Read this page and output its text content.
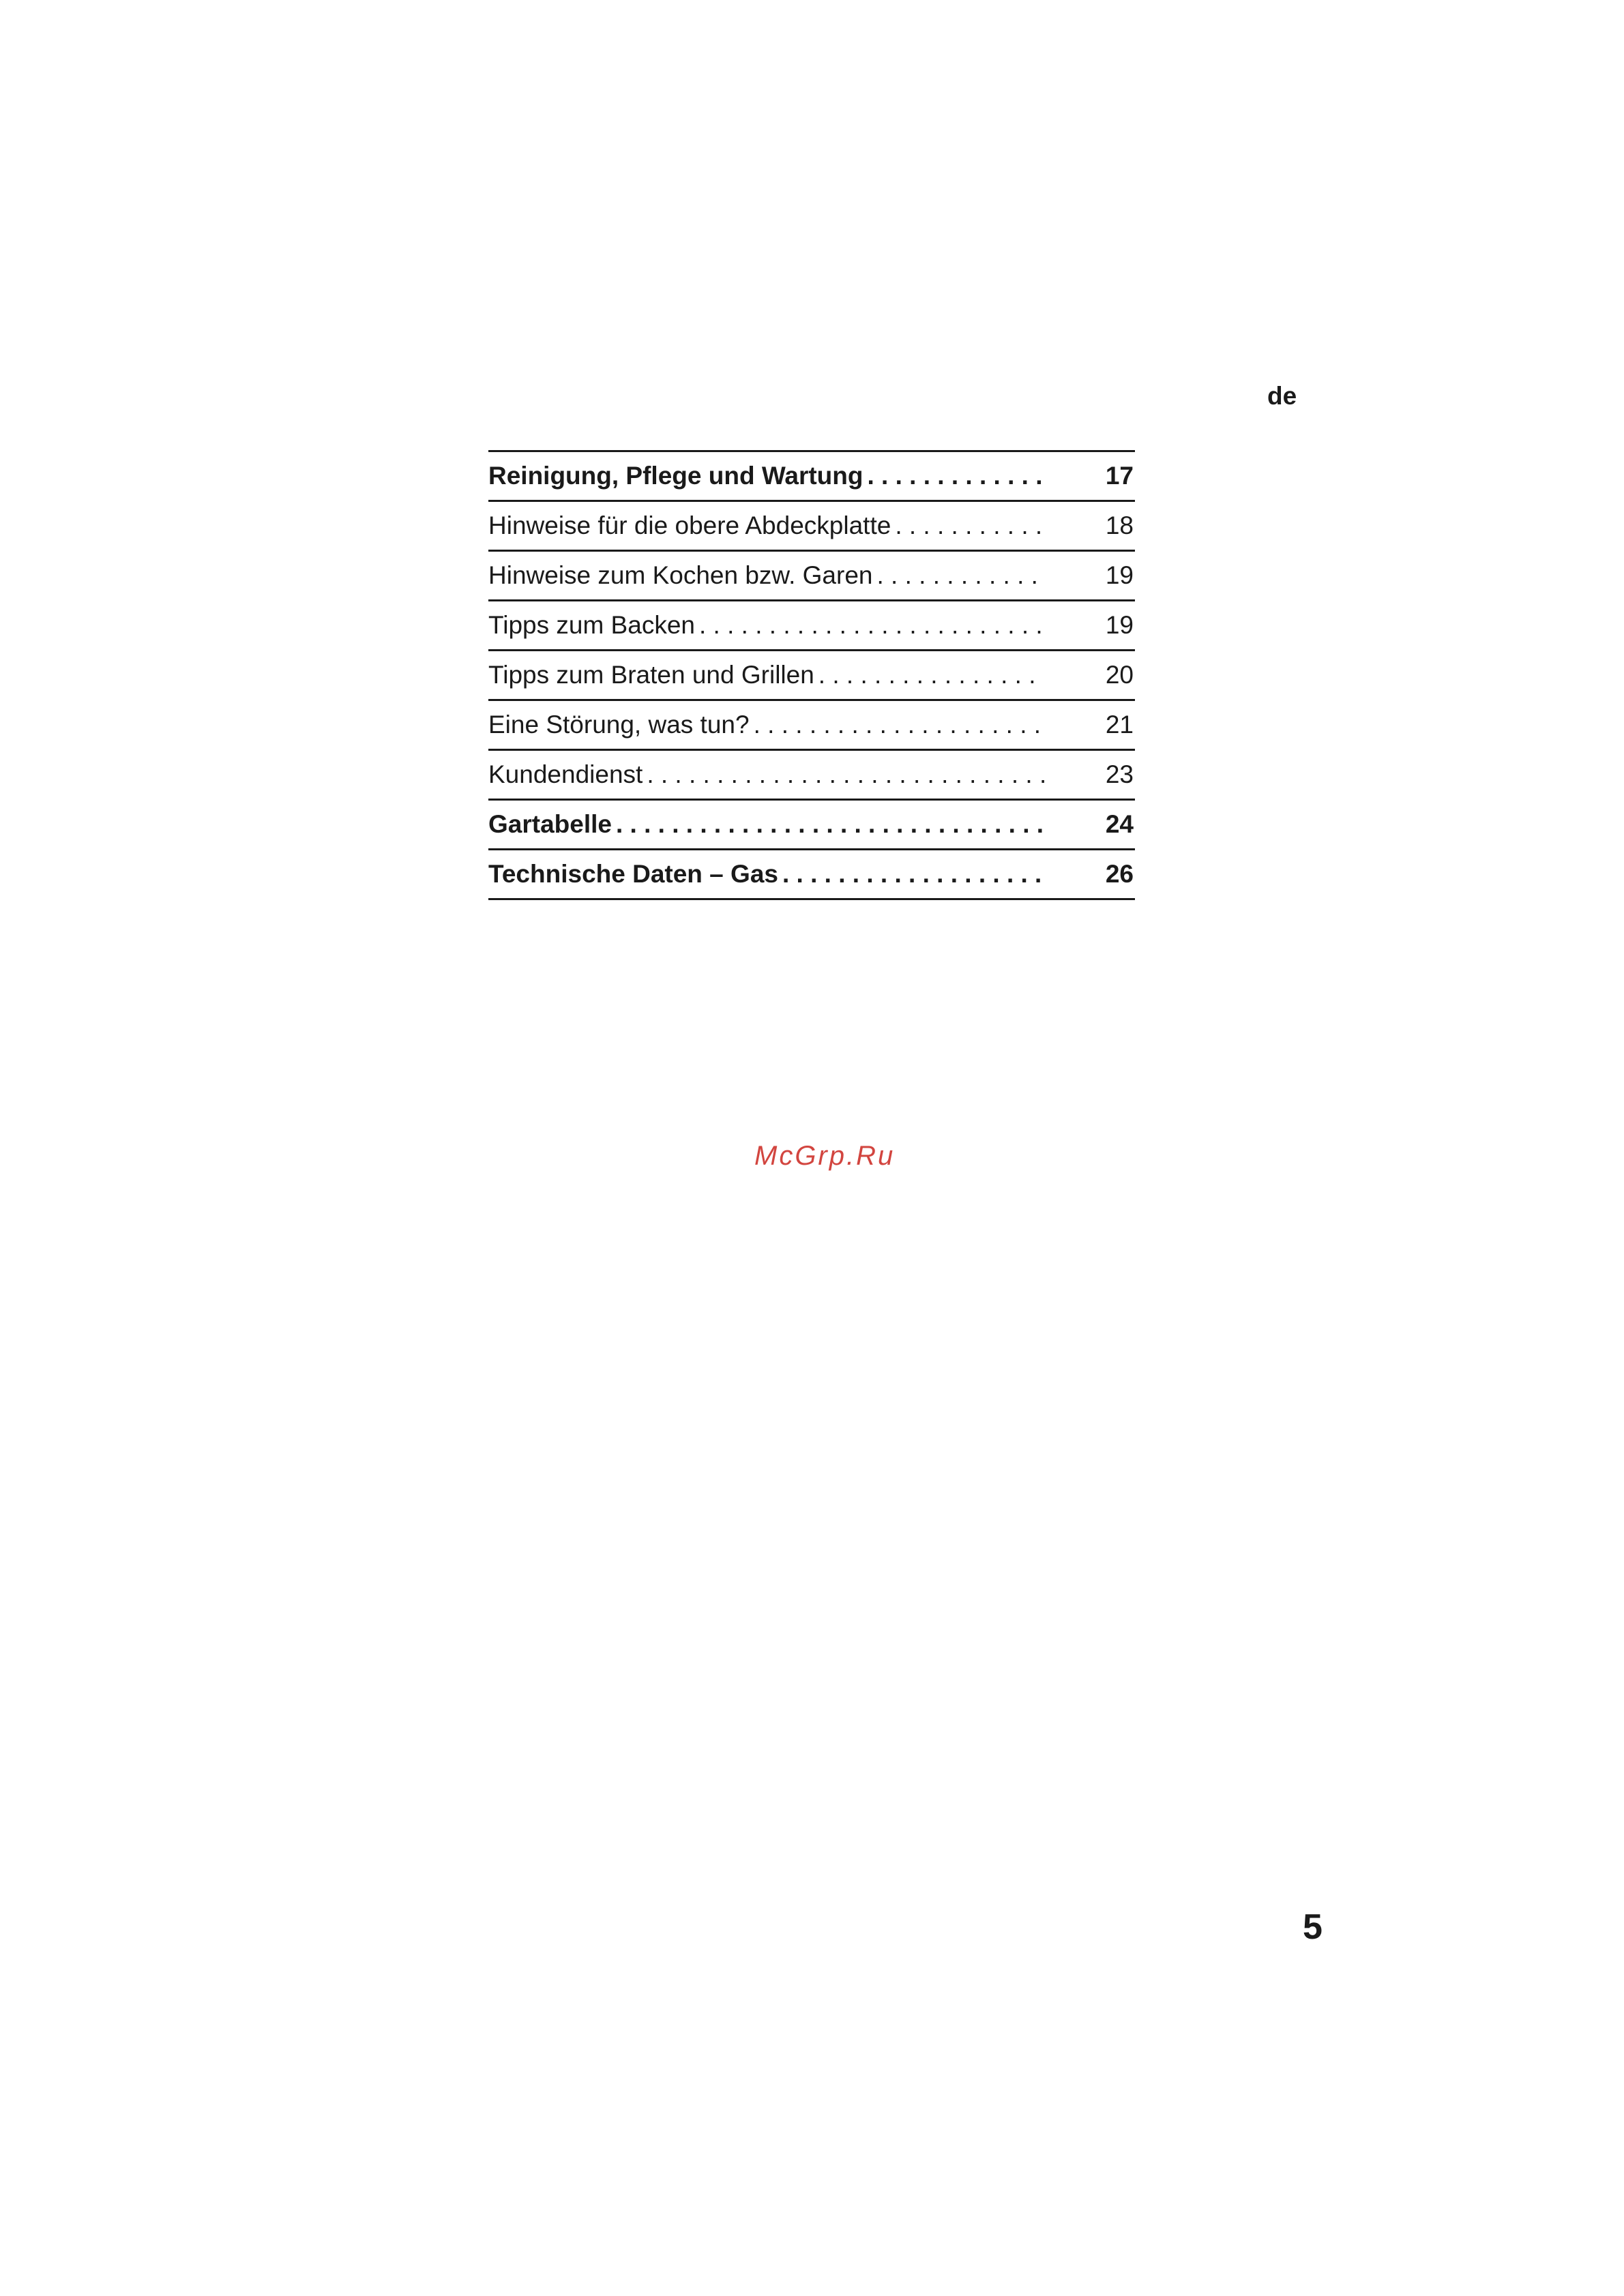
de
Reinigung, Pflege und Wartung . . .	17
Hinweise für die obere Abdeckplatte . . .	18
Hinweise zum Kochen bzw. Garen . . .	19
Tipps zum Backen . . .	19
Tipps zum Braten und Grillen . . .	20
Eine Störung, was tun? . . .	21
Kundendienst . . .	23
Gartabelle . . .	24
Technische Daten – Gas . . .	26
McGrp.Ru
5
